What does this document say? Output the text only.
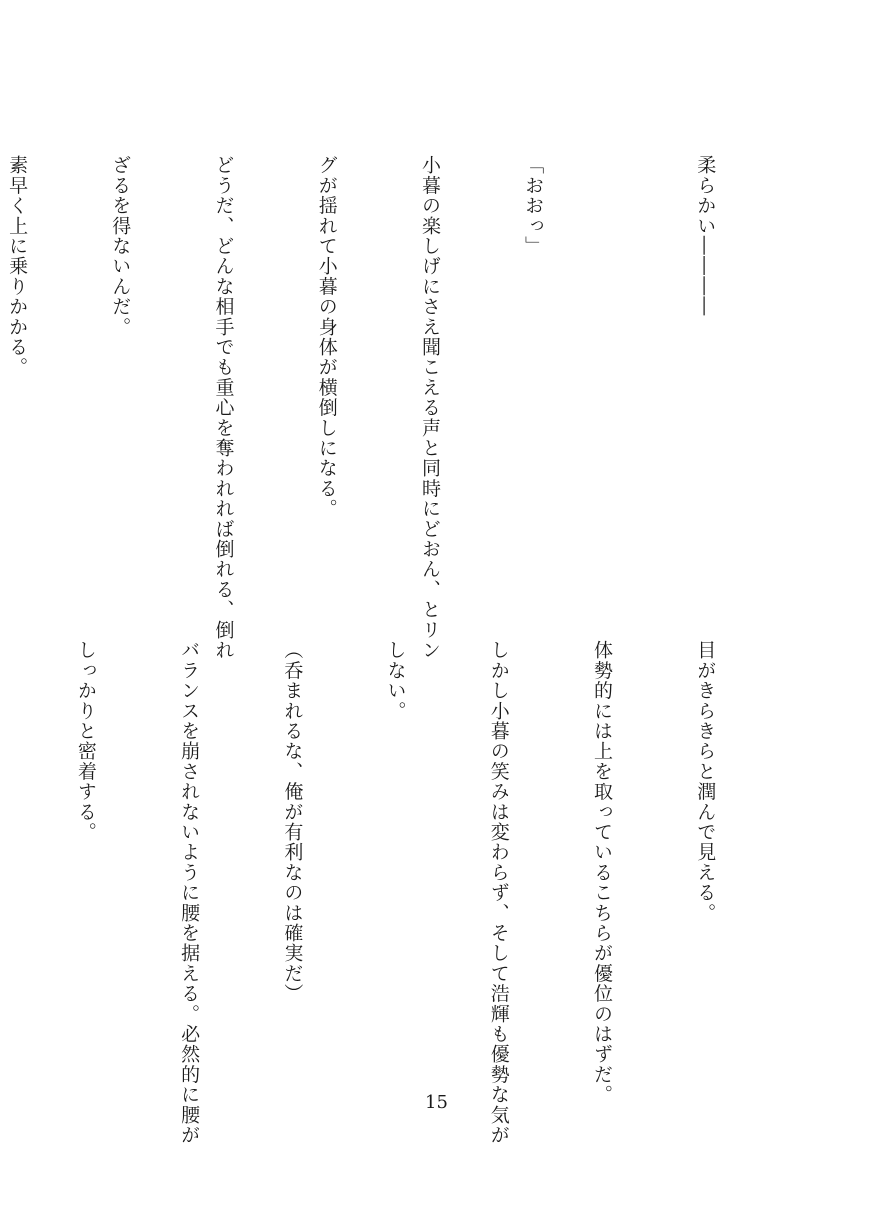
柔らかい――――

「おおっ」

小暮の楽しげにさえ聞こえる声と同時にどおん、とリン

グが揺れて小暮の身体が横倒しになる。

どうだ、どんな相手でも重心を奪われれば倒れる、倒れ

ざるを得ないんだ。

素早く上に乗りかかる。

目がきらきらと潤んで見える。

体勢的には上を取っているこちらが優位のはずだ。

しかし小暮の笑みは変わらず、そして浩輝も優勢な気が

しない。

（呑まれるな、俺が有利なのは確実だ）

バランスを崩されないように腰を据える。必然的に腰が

しっかりと密着する。

15
